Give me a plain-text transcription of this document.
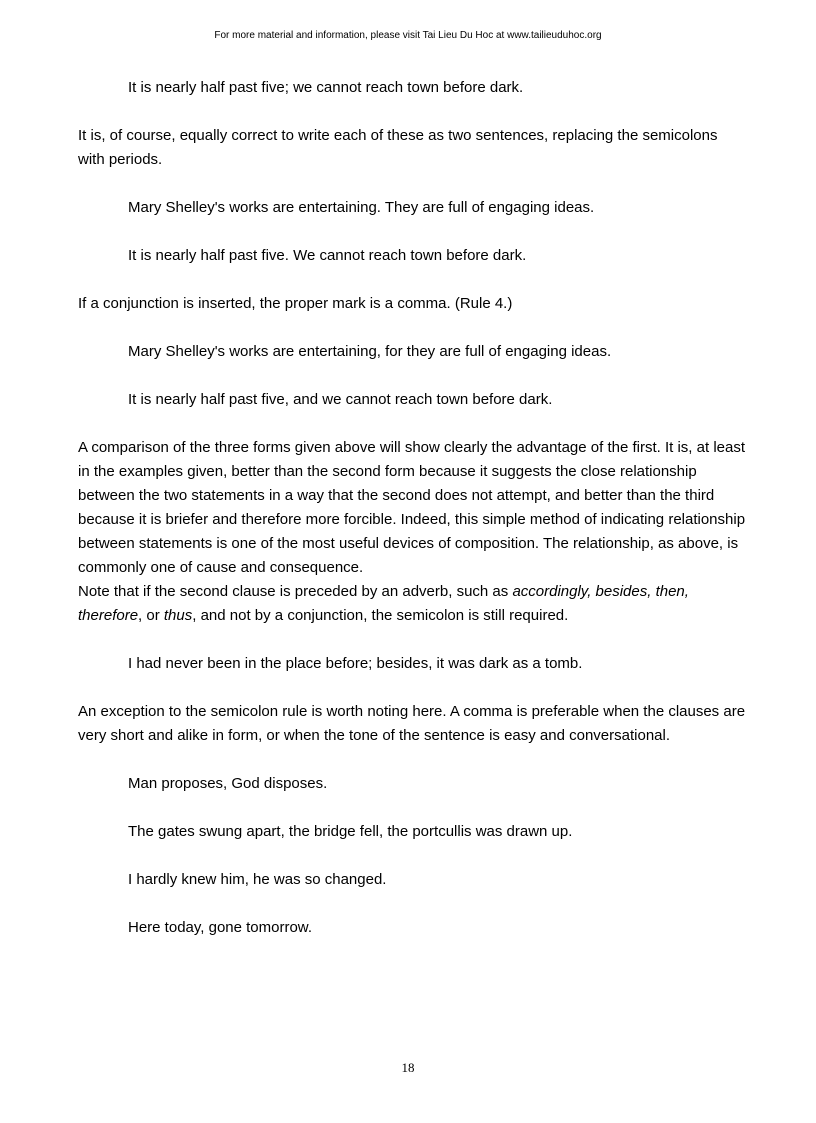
For more material and information, please visit Tai Lieu Du Hoc at www.tailieuduhoc.org

It is nearly half past five; we cannot reach town before dark.

It is, of course, equally correct to write each of these as two sentences, replacing the semicolons with periods.

Mary Shelley's works are entertaining. They are full of engaging ideas.

It is nearly half past five. We cannot reach town before dark.

If a conjunction is inserted, the proper mark is a comma. (Rule 4.)

Mary Shelley's works are entertaining, for they are full of engaging ideas.

It is nearly half past five, and we cannot reach town before dark.

A comparison of the three forms given above will show clearly the advantage of the first. It is, at least in the examples given, better than the second form because it suggests the close relationship between the two statements in a way that the second does not attempt, and better than the third because it is briefer and therefore more forcible. Indeed, this simple method of indicating relationship between statements is one of the most useful devices of composition. The relationship, as above, is commonly one of cause and consequence.

Note that if the second clause is preceded by an adverb, such as accordingly, besides, then, therefore, or thus, and not by a conjunction, the semicolon is still required.

I had never been in the place before; besides, it was dark as a tomb.

An exception to the semicolon rule is worth noting here. A comma is preferable when the clauses are very short and alike in form, or when the tone of the sentence is easy and conversational.

Man proposes, God disposes.

The gates swung apart, the bridge fell, the portcullis was drawn up.

I hardly knew him, he was so changed.

Here today, gone tomorrow.

18
